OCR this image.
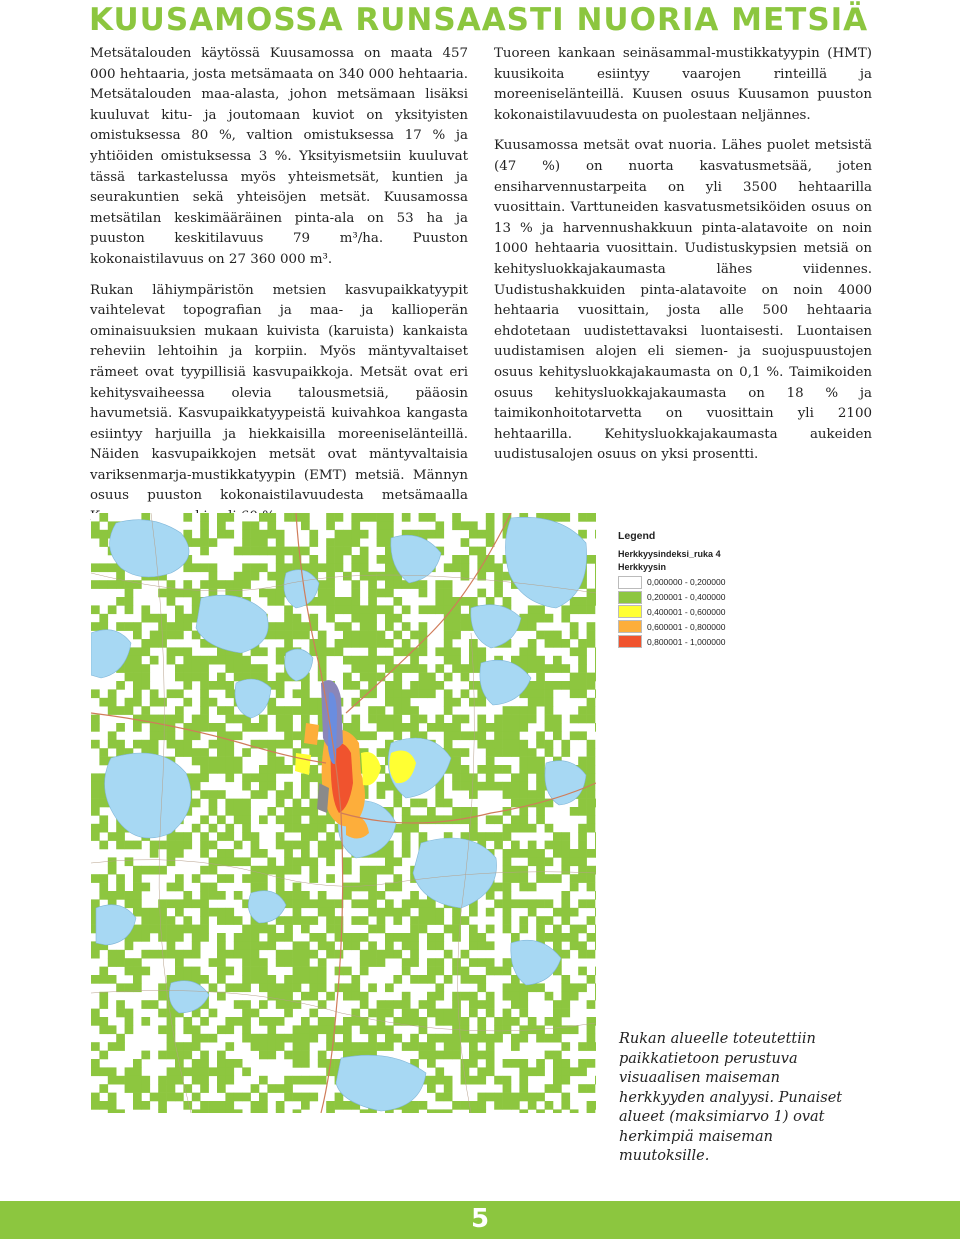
KUUSAMOSSA RUNSAASTI NUORIA METSIÄ

Metsätalouden käytössä Kuusamossa on maata 457 000 hehtaaria, josta metsämaata on 340 000 hehtaaria. Metsätalouden maa-alasta, johon metsämaan lisäksi kuuluvat kitu- ja joutomaan kuviot on yksityisten omistuksessa 80 %, valtion omistuksessa 17 % ja yhtiöiden omistuksessa 3 %. Yksityismetsiin kuuluvat tässä tarkastelussa myös yhteismetsät, kuntien ja seurakuntien sekä yhteisöjen metsät. Kuusamossa metsätilan keskimääräinen pinta-ala on 53 ha ja puuston keskitilavuus 79 m³/ha. Puuston kokonaistilavuus on 27 360 000 m³.

Rukan lähiympäristön metsien kasvupaikkatyypit vaihtelevat topografian ja maa- ja kallioperän ominaisuuksien mukaan kuivista (karuista) kankaista reheviin lehtoihin ja korpiin. Myös mäntyvaltaiset rämeet ovat tyypillisiä kasvupaikkoja. Metsät ovat eri kehitysvaiheessa olevia talousmetsiä, pääosin havumetsiä. Kasvupaikkatyypeistä kuivahkoa kangasta esiintyy harjuilla ja hiekkaisilla moreeniselänteillä. Näiden kasvupaikkojen metsät ovat mäntyvaltaisia variksenmarja-mustikkatyypin (EMT) metsiä. Männyn osuus puuston kokonaistilavuudesta metsämaalla

Tuoreen kankaan seinäsammal-mustikkatyypin (HMT) kuusikoita esiintyy vaarojen rinteillä ja moreeniselänteillä. Kuusen osuus Kuusamon puuston kokonaistilavuudesta on puolestaan neljännes.

Kuusamossa metsät ovat nuoria. Lähes puolet metsistä (47 %) on nuorta kasvatusmetsää, joten ensiharvennustarpeita on yli 3500 hehtaarilla vuosittain. Varttuneiden kasvatusmetsiköiden osuus on 13 % ja harvennushakkuun pinta-alatavoite on noin 1000 hehtaaria vuosittain. Uudistuskypsien metsiä on kehitysluokkajakaumasta lähes viidennes. Uudistushakkuiden pinta-alatavoite on noin 4000 hehtaaria vuosittain, josta alle 500 hehtaaria ehdotetaan uudistettavaksi luontaisesti. Luontaisen uudistamisen alojen eli siemen- ja suojuspuustojen osuus kehitysluokkajakaumasta on 0,1 %. Taimikoiden osuus kehitysluokkajakaumasta on 18 % ja taimikonhoitotarvetta on vuosittain yli 2100 hehtaarilla. Kehitysluokkajakaumasta aukeiden uudistusalojen osuus on yksi prosentti.

Legend
Herkkyysindeksi_ruka 4
Herkkyysin
0,000000 - 0,200000
0,200001 - 0,400000
0,400001 - 0,600000
0,600001 - 0,800000
0,800001 - 1,000000
Rukan alueelle toteutettiin paikkatietoon perustuva visuaalisen maiseman herkkyyden analyysi. Punaiset alueet (maksimiarvo 1) ovat herkimpiä maiseman muutoksille.
5
